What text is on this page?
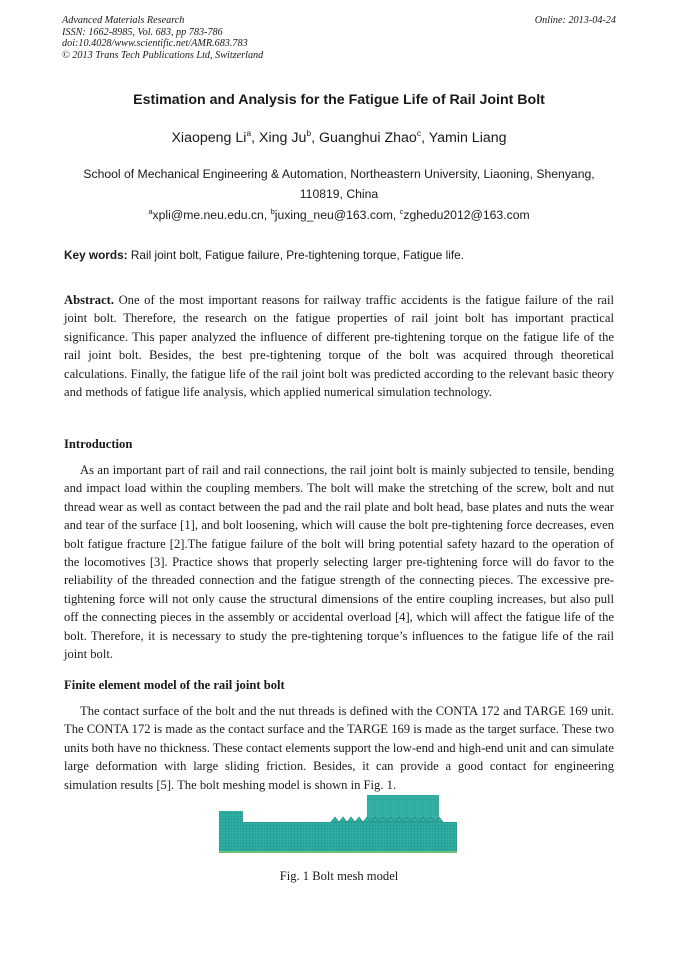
Advanced Materials Research
ISSN: 1662-8985, Vol. 683, pp 783-786
doi:10.4028/www.scientific.net/AMR.683.783
© 2013 Trans Tech Publications Ltd, Switzerland
Online: 2013-04-24
Estimation and Analysis for the Fatigue Life of Rail Joint Bolt
Xiaopeng Li$^a$, Xing Ju$^b$, Guanghui Zhao$^c$, Yamin Liang
School of Mechanical Engineering & Automation, Northeastern University, Liaoning, Shenyang, 110819, China
$^a$xpli@me.neu.edu.cn, $^b$juxing_neu@163.com, $^c$zghedu2012@163.com
Key words: Rail joint bolt, Fatigue failure, Pre-tightening torque, Fatigue life.

Abstract. One of the most important reasons for railway traffic accidents is the fatigue failure of the rail joint bolt. Therefore, the research on the fatigue properties of rail joint bolt has important practical significance. This paper analyzed the influence of different pre-tightening torque on the fatigue life of the rail joint bolt. Besides, the best pre-tightening torque of the bolt was acquired through theoretical calculations. Finally, the fatigue life of the rail joint bolt was predicted according to the relevant basic theory and methods of fatigue life analysis, which applied numerical simulation technology.

Introduction

As an important part of rail and rail connections, the rail joint bolt is mainly subjected to tensile, bending and impact load within the coupling members. The bolt will make the stretching of the screw, bolt and nut thread wear as well as contact between the pad and the rail plate and bolt head, base plates and nuts the wear and tear of the surface [1], and bolt loosening, which will cause the bolt pre-tightening force decreases, even bolt fatigue fracture [2].The fatigue failure of the bolt will bring potential safety hazard to the operation of the locomotives [3]. Practice shows that properly selecting larger pre-tightening force will do favor to the reliability of the threaded connection and the fatigue strength of the connecting pieces. The excessive pre-tightening force will not only cause the structural dimensions of the entire coupling increases, but also pull off the connecting pieces in the assembly or accidental overload [4], which will affect the fatigue life of the bolt. Therefore, it is necessary to study the pre-tightening torque’s influences to the fatigue life of the rail joint bolt.

Finite element model of the rail joint bolt

The contact surface of the bolt and the nut threads is defined with the CONTA 172 and TARGE 169 unit. The CONTA 172 is made as the contact surface and the TARGE 169 is made as the target surface. These two units both have no thickness. These contact elements support the low-end and high-end unit and can simulate large deformation with large sliding friction. Besides, it can provide a good contact for engineering simulation results [5]. The bolt meshing model is shown in Fig. 1.

Fig. 1 Bolt mesh model
